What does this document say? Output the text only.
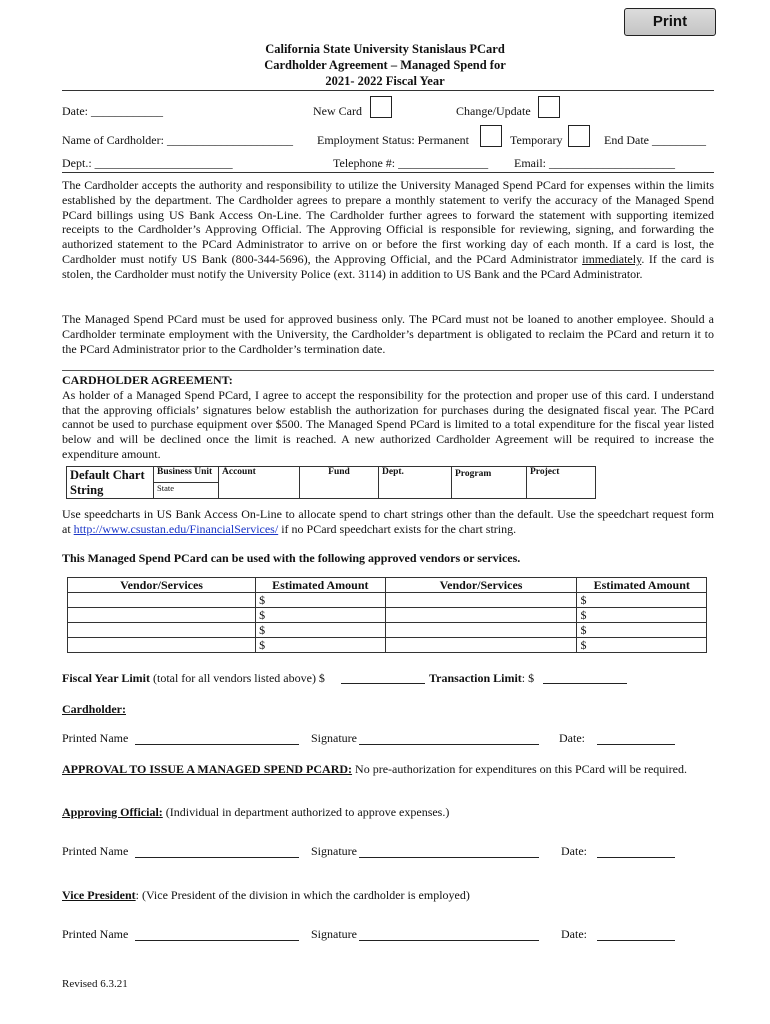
Print
California State University Stanislaus PCard
Cardholder Agreement – Managed Spend for
2021- 2022 Fiscal Year
Date: ____________	New Card	Change/Update
Name of Cardholder: _____________________ Employment Status: Permanent	Temporary	End Date _________
Dept.: _______________________	Telephone #: _______________ Email: _____________________
The Cardholder accepts the authority and responsibility to utilize the University Managed Spend PCard for expenses within the limits established by the department. The Cardholder agrees to prepare a monthly statement to verify the accuracy of the Managed Spend PCard billings using US Bank Access On-Line. The Cardholder further agrees to forward the statement with supporting itemized receipts to the Cardholder’s Approving Official. The Approving Official is responsible for reviewing, signing, and forwarding the authorized statement to the PCard Administrator to arrive on or before the first working day of each month. If a card is lost, the Cardholder must notify US Bank (800-344-5696), the Approving Official, and the PCard Administrator immediately. If the card is stolen, the Cardholder must notify the University Police (ext. 3114) in addition to US Bank and the PCard Administrator.
The Managed Spend PCard must be used for approved business only. The PCard must not be loaned to another employee. Should a Cardholder terminate employment with the University, the Cardholder’s department is obligated to reclaim the PCard and return it to the PCard Administrator prior to the Cardholder’s termination date.
CARDHOLDER AGREEMENT:
As holder of a Managed Spend PCard, I agree to accept the responsibility for the protection and proper use of this card. I understand that the approving officials’ signatures below establish the authorization for purchases during the designated fiscal year. The PCard cannot be used to purchase equipment over $500. The Managed Spend PCard is limited to a total expenditure for the fiscal year listed below and will be declined once the limit is reached. A new authorized Cardholder Agreement will be required to increase the expenditure amount.
Default Chart
String	Business Unit	Account	Fund	Dept.	Program	Project
State
Use speedcharts in US Bank Access On-Line to allocate spend to chart strings other than the default. Use the speedchart request form at http://www.csustan.edu/FinancialServices/ if no PCard speedchart exists for the chart string.
This Managed Spend PCard can be used with the following approved vendors or services.
Vendor/Services	Estimated Amount	Vendor/Services	Estimated Amount
	$		$
	$		$
	$		$
	$		$
Fiscal Year Limit (total for all vendors listed above) $	Transaction Limit: $
Cardholder:
Printed Name	Signature	Date:
APPROVAL TO ISSUE A MANAGED SPEND PCARD: No pre-authorization for expenditures on this PCard will be required.
Approving Official: (Individual in department authorized to approve expenses.)
Printed Name	Signature	Date:
Vice President: (Vice President of the division in which the cardholder is employed)
Printed Name	Signature	Date:
Revised 6.3.21
